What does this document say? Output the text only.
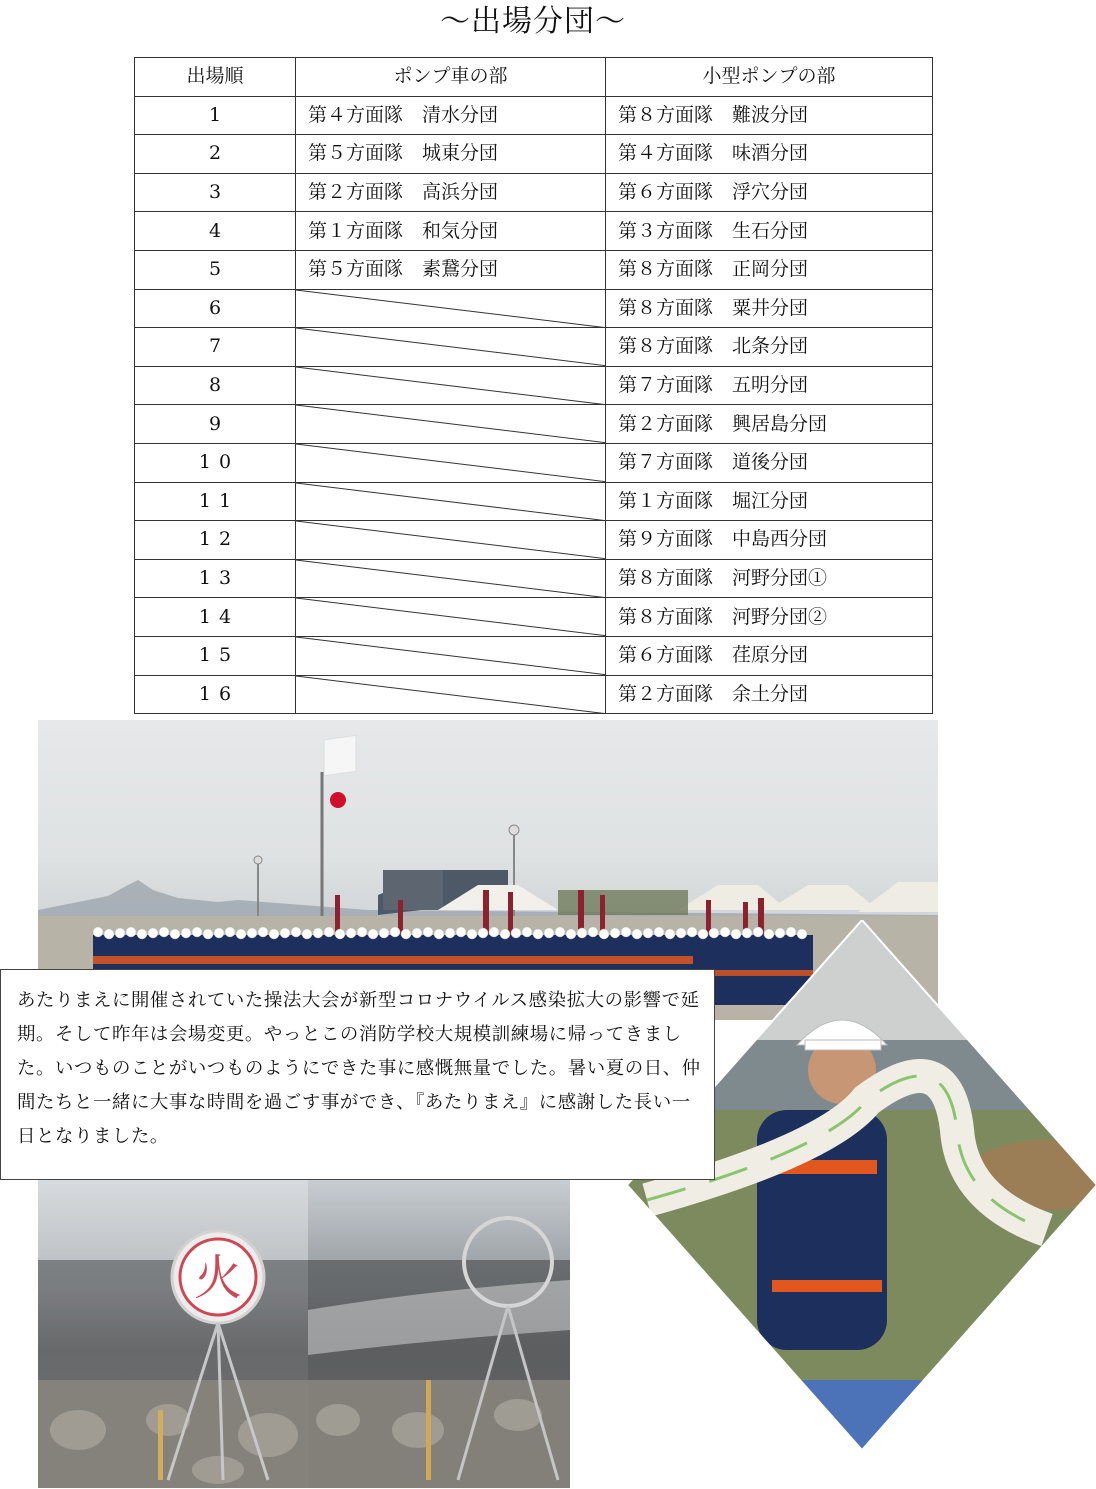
～出場分団～
出場順	ポンプ車の部	小型ポンプの部
1	第４方面隊　清水分団	第８方面隊　難波分団
2	第５方面隊　城東分団	第４方面隊　味酒分団
3	第２方面隊　高浜分団	第６方面隊　浮穴分団
4	第１方面隊　和気分団	第３方面隊　生石分団
5	第５方面隊　素鵞分団	第８方面隊　正岡分団
6		第８方面隊　粟井分団
7		第８方面隊　北条分団
8		第７方面隊　五明分団
9		第２方面隊　興居島分団
10		第７方面隊　道後分団
11		第１方面隊　堀江分団
12		第９方面隊　中島西分団
13		第８方面隊　河野分団①
14		第８方面隊　河野分団②
15		第６方面隊　荏原分団
16		第２方面隊　余土分団
火
あたりまえに開催されていた操法大会が新型コロナウイルス感染拡大の影響で延期。そして昨年は会場変更。やっとこの消防学校大規模訓練場に帰ってきました。いつものことがいつものようにできた事に感慨無量でした。暑い夏の日、仲間たちと一緒に大事な時間を過ごす事ができ、『あたりまえ』に感謝した長い一日となりました。
